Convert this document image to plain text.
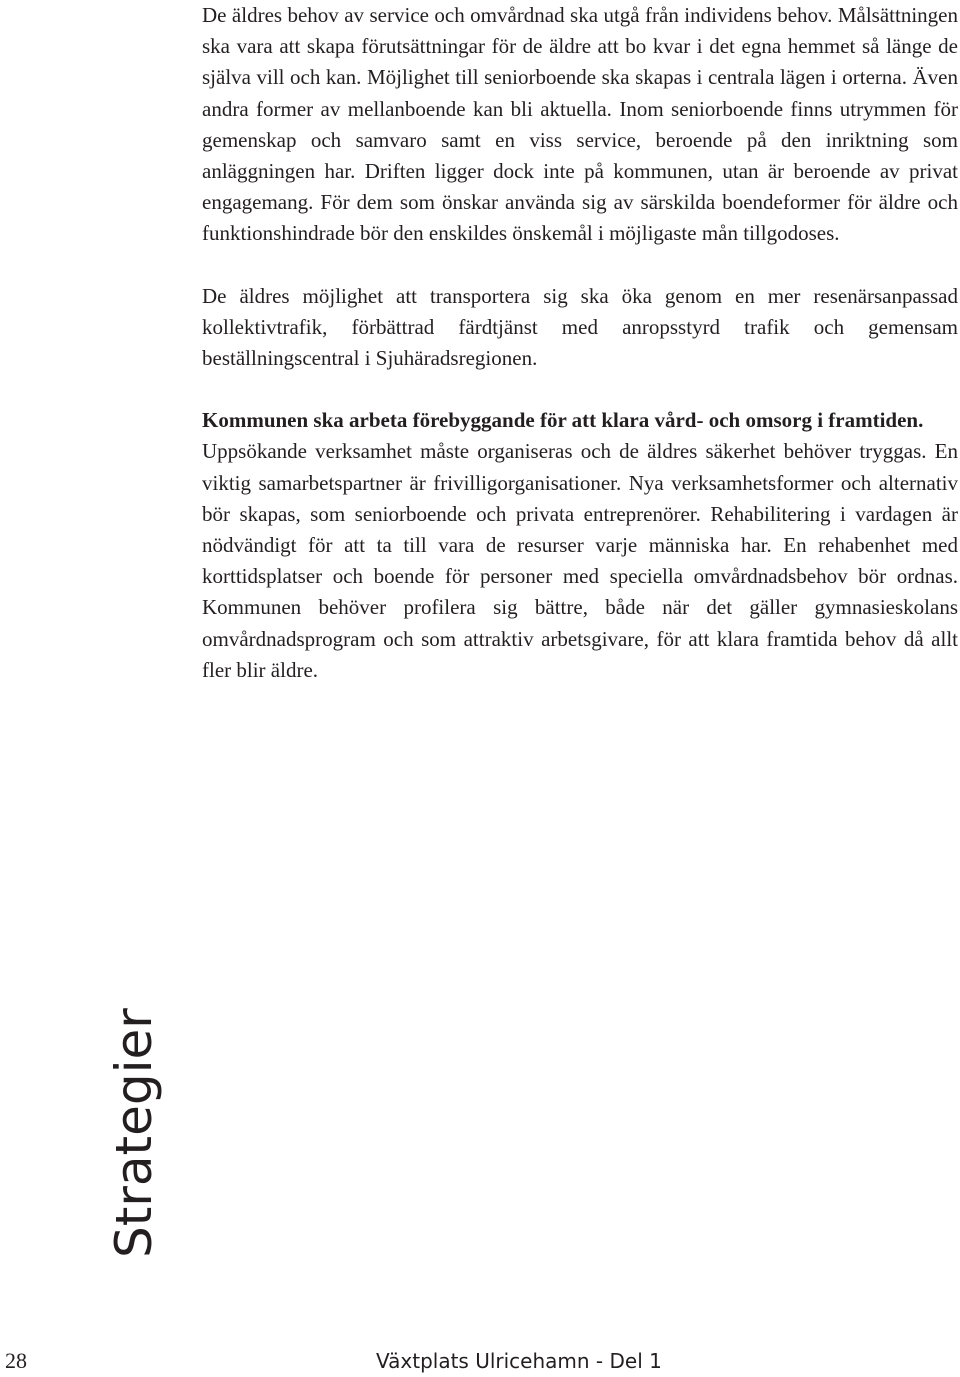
De äldres behov av service och omvårdnad ska utgå från individens behov. Målsättningen ska vara att skapa förutsättningar för de äldre att bo kvar i det egna hemmet så länge de själva vill och kan. Möjlighet till seniorboende ska skapas i centrala lägen i orterna. Även andra former av mellanboende kan bli aktuella. Inom seniorboende finns utrymmen för gemenskap och samvaro samt en viss service, beroende på den inriktning som anläggningen har. Driften ligger dock inte på kommunen, utan är beroende av privat engagemang. För dem som önskar använda sig av särskilda boendeformer för äldre och funktionshindrade bör den enskildes önskemål i möjligaste mån tillgodoses.

De äldres möjlighet att transportera sig ska öka genom en mer resenärsanpassad kollektivtrafik, förbättrad färdtjänst med anropsstyrd trafik och gemensam beställningscentral i Sjuhäradsregionen.

Kommunen ska arbeta förebyggande för att klara vård- och omsorg i framtiden.

Uppsökande verksamhet måste organiseras och de äldres säkerhet behöver tryggas. En viktig samarbetspartner är frivilligorganisationer. Nya verksamhetsformer och alternativ bör skapas, som seniorboende och privata entreprenörer. Rehabilitering i vardagen är nödvändigt för att ta till vara de resurser varje människa har. En rehabenhet med korttidsplatser och boende för personer med speciella omvårdnadsbehov bör ordnas. Kommunen behöver profilera sig bättre, både när det gäller gymnasieskolans omvårdnadsprogram och som attraktiv arbetsgivare, för att klara framtida behov då allt fler blir äldre.

Strategier
28	Växtplats Ulricehamn - Del 1
